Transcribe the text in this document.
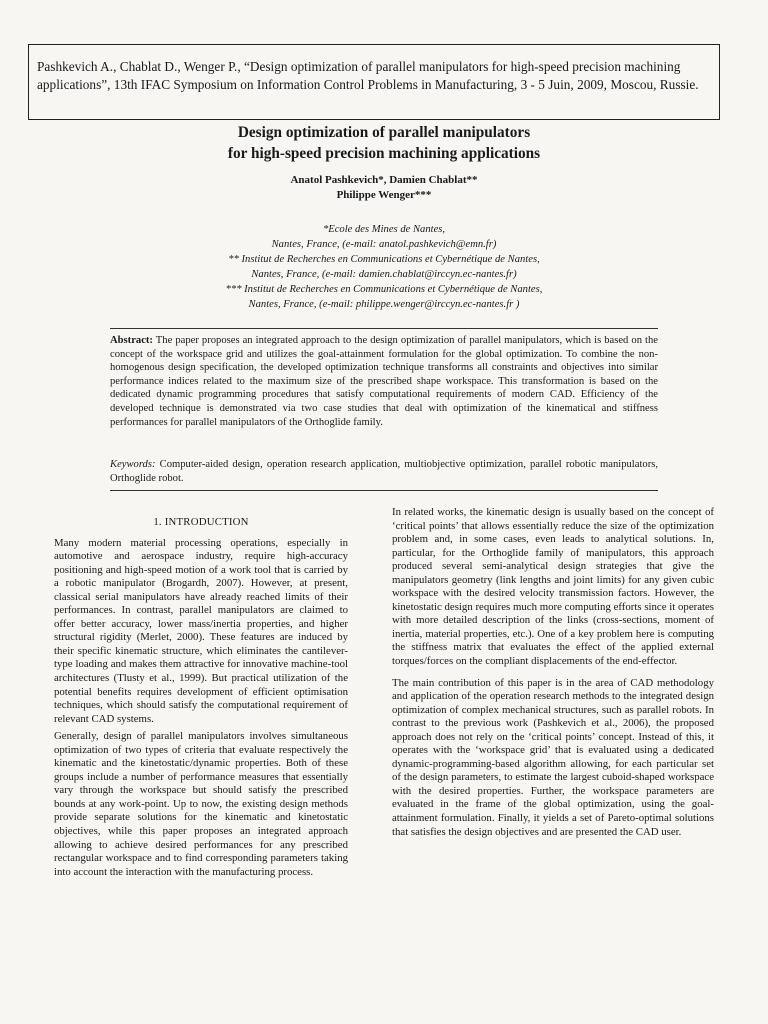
Pashkevich A., Chablat D., Wenger P., “Design optimization of parallel manipulators for high-speed precision machining applications”, 13th IFAC Symposium on Information Control Problems in Manufacturing, 3 - 5 Juin, 2009, Moscou, Russie.
Design optimization of parallel manipulators
for high-speed precision machining applications
Anatol Pashkevich*, Damien Chablat**
Philippe Wenger***
*Ecole des Mines de Nantes,
Nantes, France, (e-mail: anatol.pashkevich@emn.fr)
** Institut de Recherches en Communications et Cybernétique de Nantes,
Nantes, France, (e-mail: damien.chablat@irccyn.ec-nantes.fr)
*** Institut de Recherches en Communications et Cybernétique de Nantes,
Nantes, France, (e-mail: philippe.wenger@irccyn.ec-nantes.fr )

Abstract: The paper proposes an integrated approach to the design optimization of parallel manipulators, which is based on the concept of the workspace grid and utilizes the goal-attainment formulation for the global optimization. To combine the non-homogenous design specification, the developed optimization technique transforms all constraints and objectives into similar performance indices related to the maximum size of the prescribed shape workspace. This transformation is based on the dedicated dynamic programming procedures that satisfy computational requirements of modern CAD. Efficiency of the developed technique is demonstrated via two case studies that deal with optimization of the kinematical and stiffness performances for parallel manipulators of the Orthoglide family.

Keywords: Computer-aided design, operation research application, multiobjective optimization, parallel robotic manipulators, Orthoglide robot.
1. INTRODUCTION

Many modern material processing operations, especially in automotive and aerospace industry, require high-accuracy positioning and high-speed motion of a work tool that is carried by a robotic manipulator (Brogardh, 2007). However, at present, classical serial manipulators have already reached limits of their performances. In contrast, parallel manipulators are claimed to offer better accuracy, lower mass/inertia properties, and higher structural rigidity (Merlet, 2000). These features are induced by their specific kinematic structure, which eliminates the cantilever-type loading and makes them attractive for innovative machine-tool architectures (Tlusty et al., 1999). But practical utilization of the potential benefits requires development of efficient optimisation techniques, which should satisfy the computational requirement of relevant CAD systems.

Generally, design of parallel manipulators involves simultaneous optimization of two types of criteria that evaluate respectively the kinematic and the kinetostatic/dynamic properties. Both of these groups include a number of performance measures that essentially vary through the workspace but should satisfy the prescribed bounds at any work-point. Up to now, the existing design methods provide separate solutions for the kinematic and kinetostatic objectives, while this paper proposes an integrated approach allowing to achieve desired performances for any prescribed rectangular workspace and to find corresponding parameters taking into account the interaction with the manufacturing process.

In related works, the kinematic design is usually based on the concept of ‘critical points’ that allows essentially reduce the size of the optimization problem and, in some cases, even leads to analytical solutions. In, particular, for the Orthoglide family of manipulators, this approach produced several semi-analytical design strategies that give the manipulators geometry (link lengths and joint limits) for any given cubic workspace with the desired velocity transmission factors. However, the kinetostatic design requires much more computing efforts since it operates with more detailed description of the links (cross-sections, moment of inertia, material properties, etc.). One of a key problem here is computing the stiffness matrix that evaluates the effect of the applied external torques/forces on the compliant displacements of the end-effector.

The main contribution of this paper is in the area of CAD methodology and application of the operation research methods to the integrated design optimization of complex mechanical structures, such as parallel robots. In contrast to the previous work (Pashkevich et al., 2006), the proposed approach does not rely on the ‘critical points’ concept. Instead of this, it operates with the ‘workspace grid’ that is evaluated using a dedicated dynamic-programming-based algorithm allowing, for each particular set of the design parameters, to estimate the largest cuboid-shaped workspace with the desired properties. Further, the workspace parameters are evaluated in the frame of the global optimization, using the goal-attainment formulation. Finally, it yields a set of Pareto-optimal solutions that satisfies the design objectives and are presented the CAD user.
